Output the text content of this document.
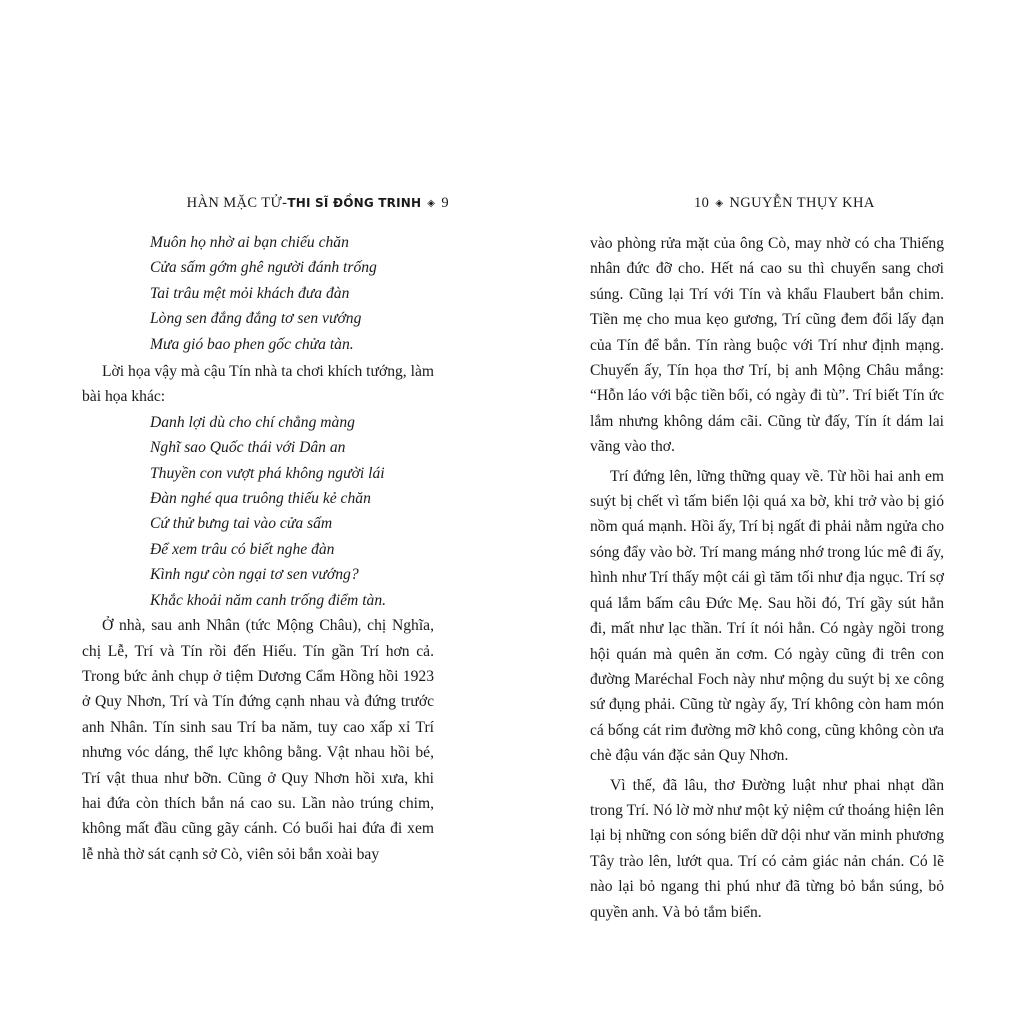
HÀN MẶC TỬ-THI SĨ ĐỒNG TRINH ◈ 9
Muôn họ nhờ ai bạn chiếu chăn
Cửa sấm gớm ghê người đánh trống
Tai trâu mệt mỏi khách đưa đàn
Lòng sen đắng đắng tơ sen vướng
Mưa gió bao phen gốc chửa tàn.

Lời họa vậy mà cậu Tín nhà ta chơi khích tướng, làm bài họa khác:

Danh lợi dù cho chí chẳng màng
Nghĩ sao Quốc thái với Dân an
Thuyền con vượt phá không người lái
Đàn nghé qua truông thiếu kẻ chăn
Cứ thử bưng tai vào cửa sấm
Để xem trâu có biết nghe đàn
Kình ngư còn ngại tơ sen vướng?
Khắc khoải năm canh trống điểm tàn.

Ở nhà, sau anh Nhân (tức Mộng Châu), chị Nghĩa, chị Lễ, Trí và Tín rồi đến Hiếu. Tín gần Trí hơn cả. Trong bức ảnh chụp ở tiệm Dương Cẩm Hồng hồi 1923 ở Quy Nhơn, Trí và Tín đứng cạnh nhau và đứng trước anh Nhân. Tín sinh sau Trí ba năm, tuy cao xấp xỉ Trí nhưng vóc dáng, thể lực không bằng. Vật nhau hồi bé, Trí vật thua như bỡn. Cũng ở Quy Nhơn hồi xưa, khi hai đứa còn thích bắn ná cao su. Lần nào trúng chim, không mất đầu cũng gãy cánh. Có buổi hai đứa đi xem lễ nhà thờ sát cạnh sở Cò, viên sỏi bắn xoài bay

10 ◈ NGUYỄN THỤY KHA

vào phòng rửa mặt của ông Cò, may nhờ có cha Thiếng nhân đức đỡ cho. Hết ná cao su thì chuyển sang chơi súng. Cũng lại Trí với Tín và khẩu Flaubert bắn chim. Tiền mẹ cho mua kẹo gương, Trí cũng đem đổi lấy đạn của Tín để bắn. Tín ràng buộc với Trí như định mạng. Chuyến ấy, Tín họa thơ Trí, bị anh Mộng Châu mắng: “Hỗn láo với bậc tiền bối, có ngày đi tù”. Trí biết Tín ức lắm nhưng không dám cãi. Cũng từ đấy, Tín ít dám lai vãng vào thơ.

Trí đứng lên, lững thững quay về. Từ hồi hai anh em suýt bị chết vì tấm biển lội quá xa bờ, khi trở vào bị gió nồm quá mạnh. Hồi ấy, Trí bị ngất đi phải nằm ngửa cho sóng đẩy vào bờ. Trí mang máng nhớ trong lúc mê đi ấy, hình như Trí thấy một cái gì tăm tối như địa ngục. Trí sợ quá lắm bấm câu Đức Mẹ. Sau hồi đó, Trí gầy sút hẳn đi, mất như lạc thần. Trí ít nói hẳn. Có ngày ngồi trong hội quán mà quên ăn cơm. Có ngày cũng đi trên con đường Maréchal Foch này như mộng du suýt bị xe công sứ đụng phải. Cũng từ ngày ấy, Trí không còn ham món cá bống cát rim đường mỡ khô cong, cũng không còn ưa chè đậu ván đặc sản Quy Nhơn.

Vì thế, đã lâu, thơ Đường luật như phai nhạt dần trong Trí. Nó lờ mờ như một kỷ niệm cứ thoáng hiện lên lại bị những con sóng biển dữ dội như văn minh phương Tây trào lên, lướt qua. Trí có cảm giác nản chán. Có lẽ nào lại bỏ ngang thi phú như đã từng bỏ bắn súng, bỏ quyền anh. Và bỏ tắm biển.
